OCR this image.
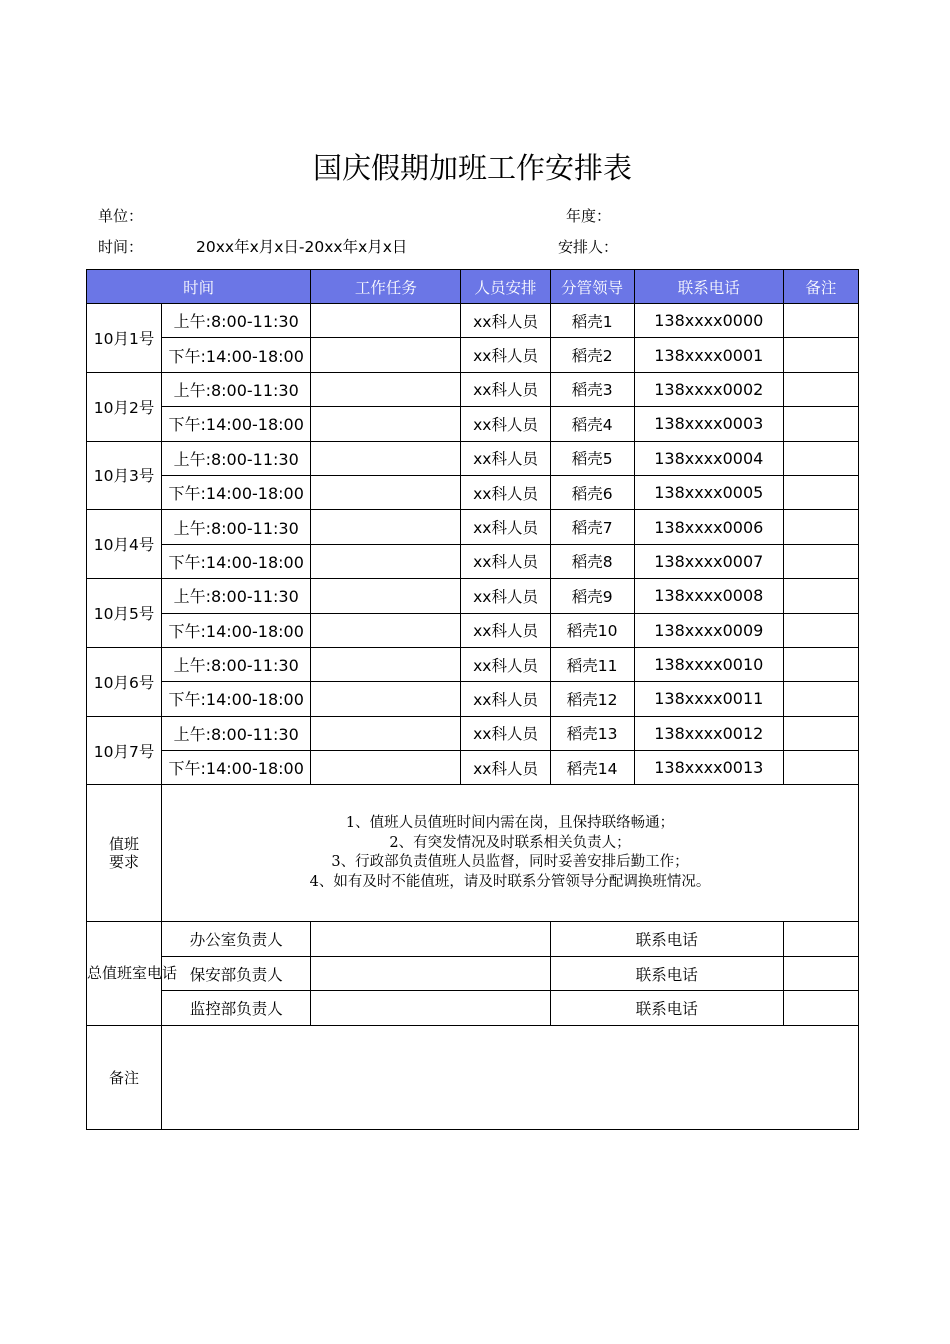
国庆假期加班工作安排表
单位：	年度：
时间：	20xx年x月x日-20xx年x月x日	安排人：
时间		工作任务	人员安排	分管领导	联系电话	备注
10月1号	上午:8:00-11:30		xx科人员	稻壳1	138xxxx0000	
	下午:14:00-18:00		xx科人员	稻壳2	138xxxx0001	
10月2号	上午:8:00-11:30		xx科人员	稻壳3	138xxxx0002	
	下午:14:00-18:00		xx科人员	稻壳4	138xxxx0003	
10月3号	上午:8:00-11:30		xx科人员	稻壳5	138xxxx0004	
	下午:14:00-18:00		xx科人员	稻壳6	138xxxx0005	
10月4号	上午:8:00-11:30		xx科人员	稻壳7	138xxxx0006	
	下午:14:00-18:00		xx科人员	稻壳8	138xxxx0007	
10月5号	上午:8:00-11:30		xx科人员	稻壳9	138xxxx0008	
	下午:14:00-18:00		xx科人员	稻壳10	138xxxx0009	
10月6号	上午:8:00-11:30		xx科人员	稻壳11	138xxxx0010	
	下午:14:00-18:00		xx科人员	稻壳12	138xxxx0011	
10月7号	上午:8:00-11:30		xx科人员	稻壳13	138xxxx0012	
	下午:14:00-18:00		xx科人员	稻壳14	138xxxx0013	

值班
要求	1、值班人员值班时间内需在岗，且保持联络畅通；
2、有突发情况及时联系相关负责人；
3、行政部负责值班人员监督，同时妥善安排后勤工作；
4、如有及时不能值班，请及时联系分管领导分配调换班情况。					

总值班室电话	办公室负责人			联系电话		
	保安部负责人			联系电话		
	监控部负责人			联系电话		
备注						
